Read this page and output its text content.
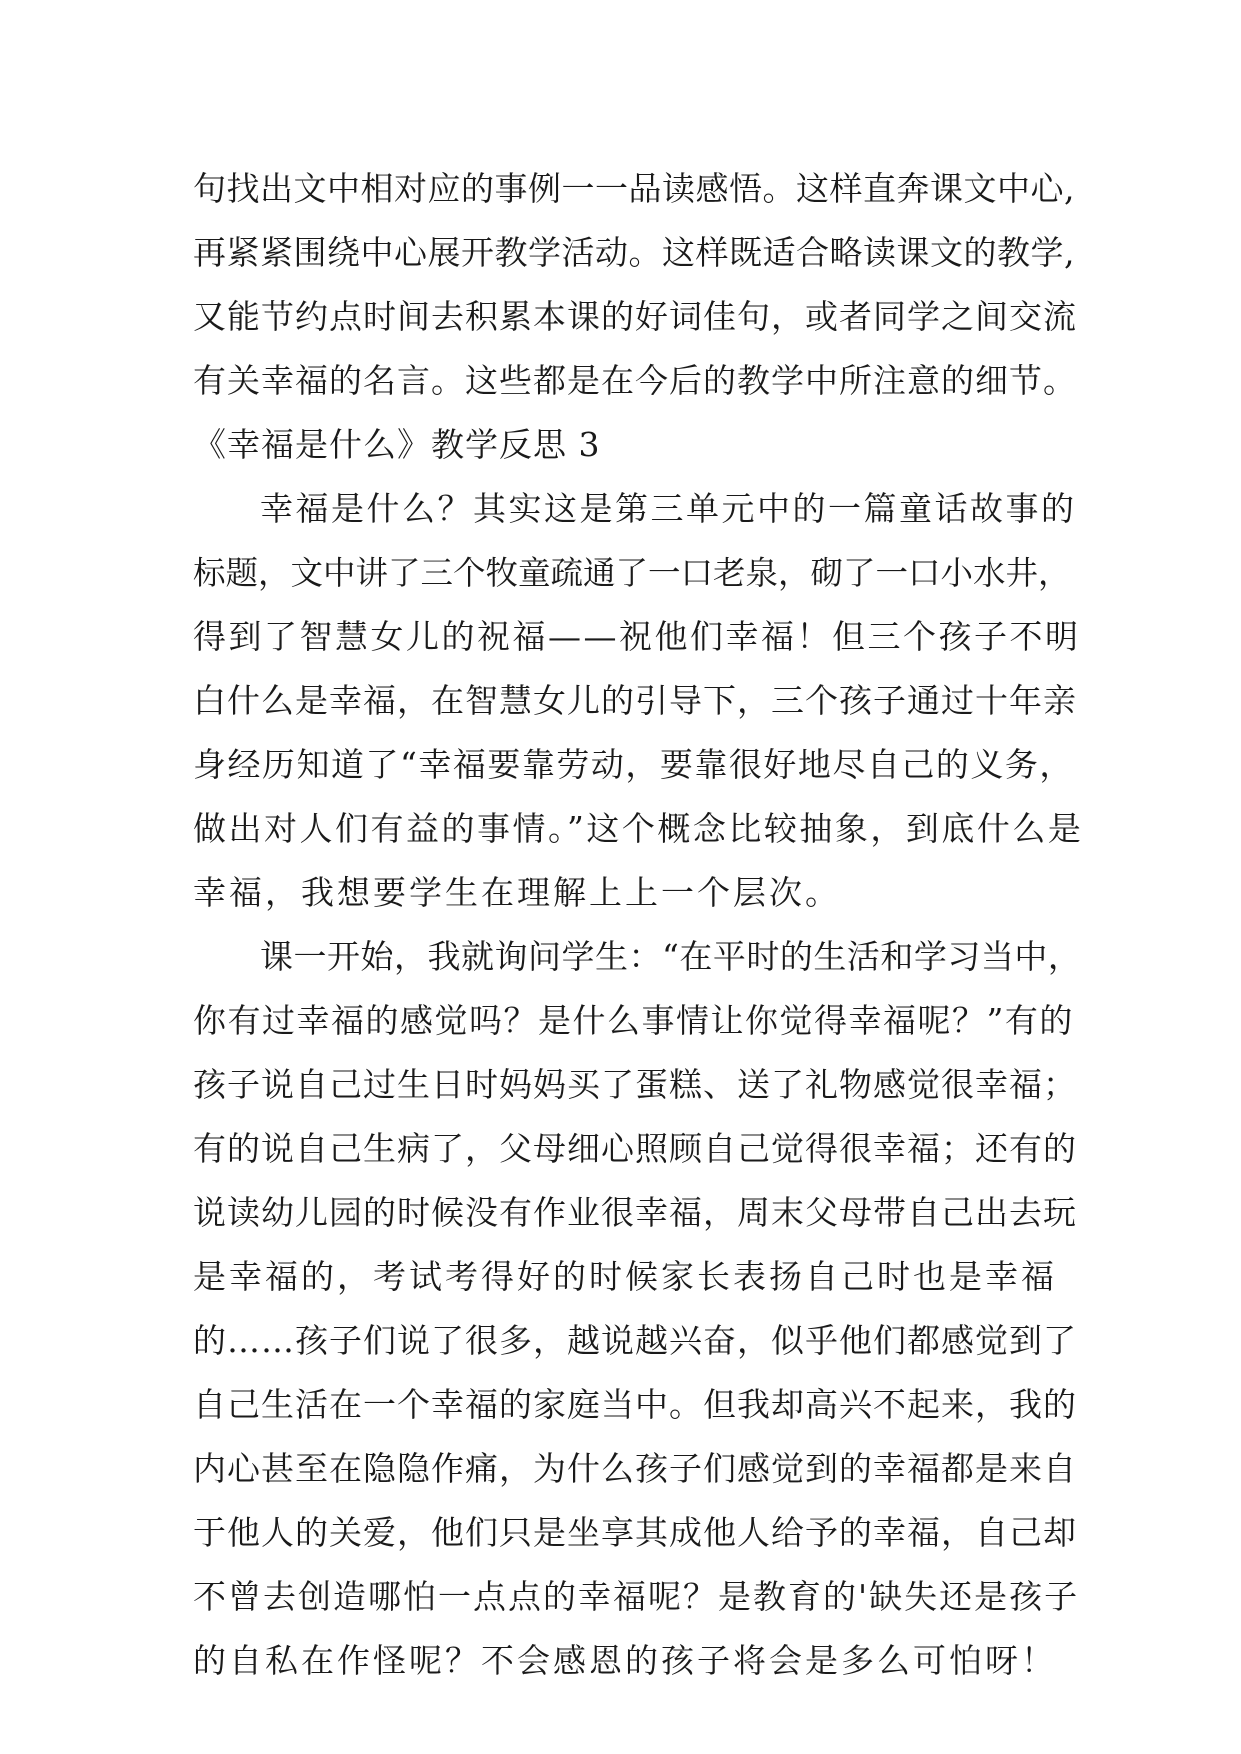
句找出文中相对应的事例一一品读感悟。这样直奔课文中心,
再紧紧围绕中心展开教学活动。这样既适合略读课文的教学,
又能节约点时间去积累本课的好词佳句，或者同学之间交流
有关幸福的名言。这些都是在今后的教学中所注意的细节。
《幸福是什么》教学反思 3
幸福是什么？其实这是第三单元中的一篇童话故事的
标题，文中讲了三个牧童疏通了一口老泉，砌了一口小水井，
得到了智慧女儿的祝福——祝他们幸福！但三个孩子不明
白什么是幸福，在智慧女儿的引导下，三个孩子通过十年亲
身经历知道了“幸福要靠劳动，要靠很好地尽自己的义务，
做出对人们有益的事情。”这个概念比较抽象，到底什么是
幸福，我想要学生在理解上上一个层次。
课一开始，我就询问学生：“在平时的生活和学习当中，
你有过幸福的感觉吗？是什么事情让你觉得幸福呢？”有的
孩子说自己过生日时妈妈买了蛋糕、送了礼物感觉很幸福；
有的说自己生病了，父母细心照顾自己觉得很幸福；还有的
说读幼儿园的时候没有作业很幸福，周末父母带自己出去玩
是幸福的，考试考得好的时候家长表扬自己时也是幸福
的……孩子们说了很多，越说越兴奋，似乎他们都感觉到了
自己生活在一个幸福的家庭当中。但我却高兴不起来，我的
内心甚至在隐隐作痛，为什么孩子们感觉到的幸福都是来自
于他人的关爱，他们只是坐享其成他人给予的幸福，自己却
不曾去创造哪怕一点点的幸福呢？是教育的'缺失还是孩子
的自私在作怪呢？不会感恩的孩子将会是多么可怕呀！
